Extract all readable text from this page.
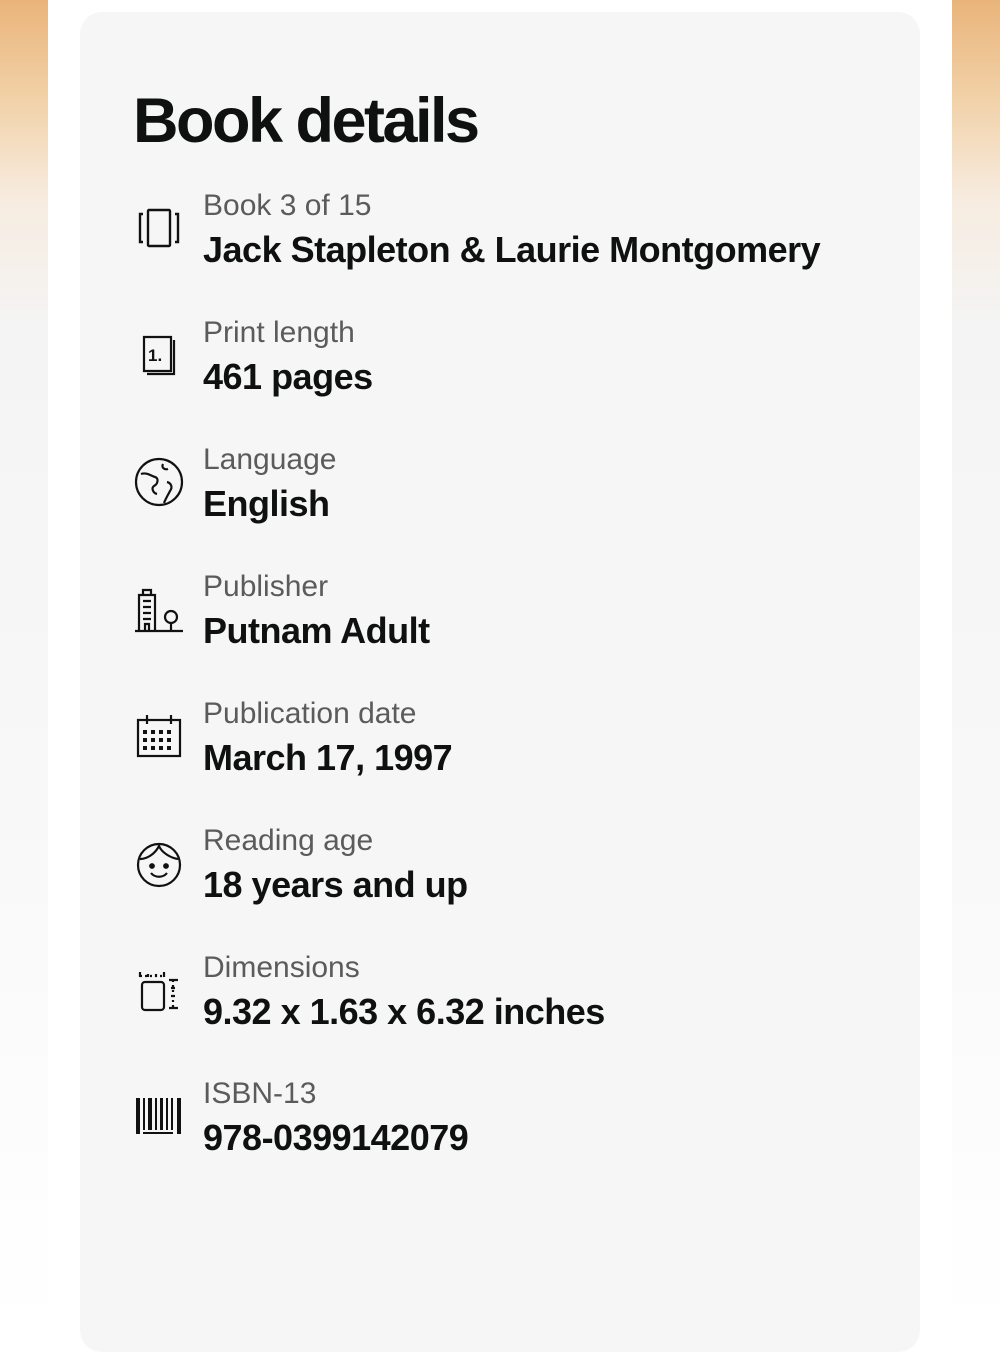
Book details
Book 3 of 15
Jack Stapleton & Laurie Montgomery
1.
Print length
461 pages
Language
English
Publisher
Putnam Adult
Publication date
March 17, 1997
Reading age
18 years and up
Dimensions
9.32 x 1.63 x 6.32 inches
ISBN-13
978-0399142079
